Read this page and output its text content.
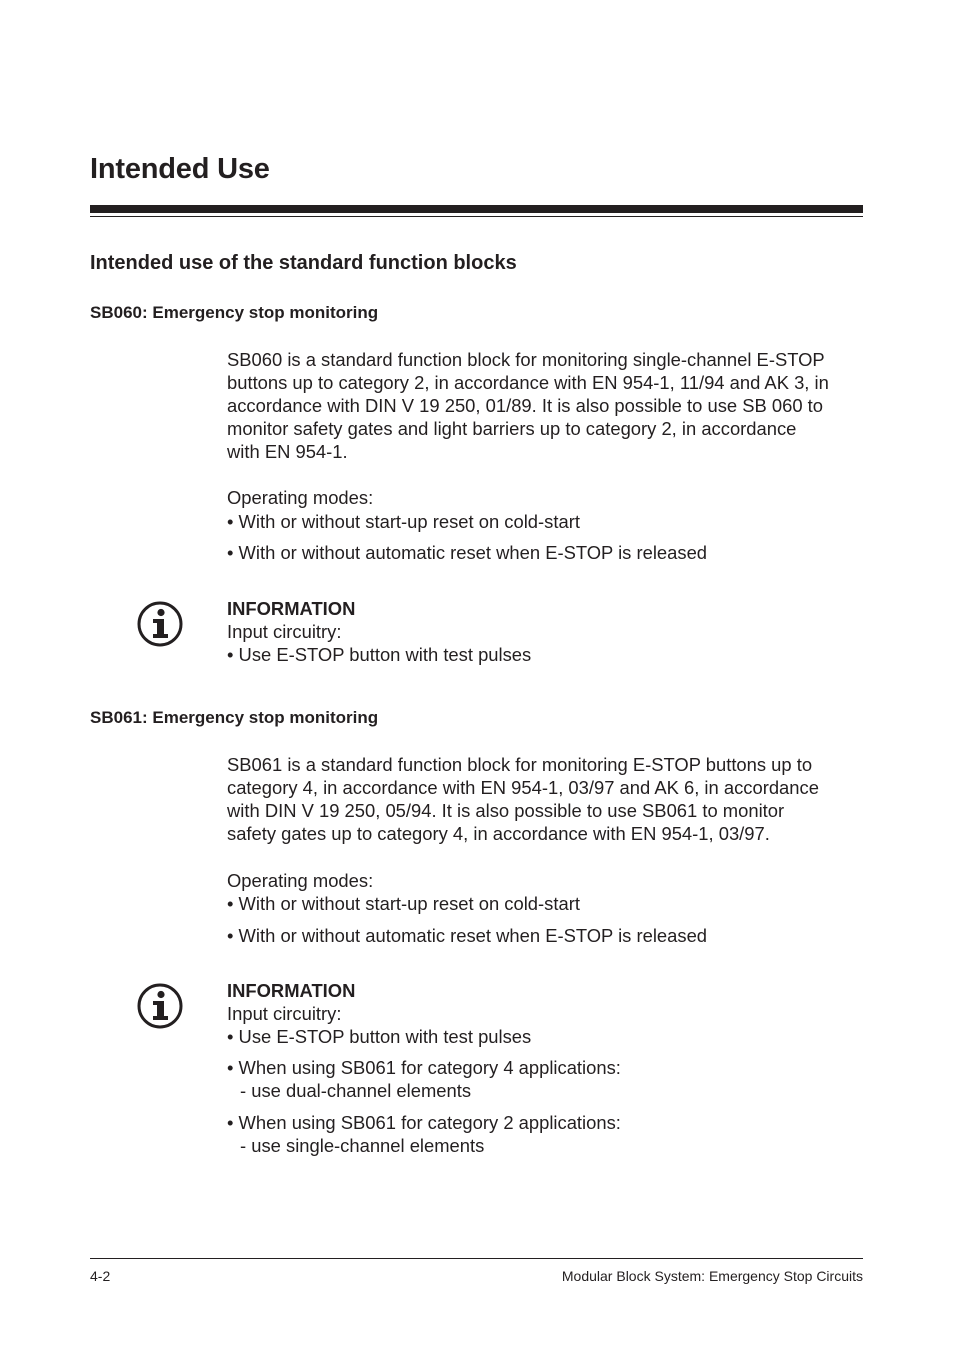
Intended Use
Intended use of the standard function blocks
SB060: Emergency stop monitoring

SB060 is a standard function block for monitoring single-channel E-STOP

buttons up to category 2, in accordance with EN 954-1, 11/94 and AK 3, in

accordance with DIN V 19 250, 01/89. It is also possible to use SB 060 to

monitor safety gates and light barriers up to category 2, in accordance

with EN 954-1.

Operating modes:
• With or without start-up reset on cold-start
• With or without automatic reset when E-STOP is released
INFORMATION
Input circuitry:
• Use E-STOP button with test pulses
SB061: Emergency stop monitoring

SB061 is a standard function block for monitoring E-STOP buttons up to

category 4, in accordance with EN 954-1, 03/97 and AK 6, in accordance

with DIN V 19 250, 05/94. It is also possible to use SB061 to monitor

safety gates up to category 4, in accordance with EN 954-1, 03/97.

Operating modes:
• With or without start-up reset on cold-start
• With or without automatic reset when E-STOP is released
INFORMATION
Input circuitry:
• Use E-STOP button with test pulses
• When using SB061 for category 4 applications:
- use dual-channel elements
• When using SB061 for category 2 applications:
- use single-channel elements
4-2	Modular Block System: Emergency Stop Circuits
